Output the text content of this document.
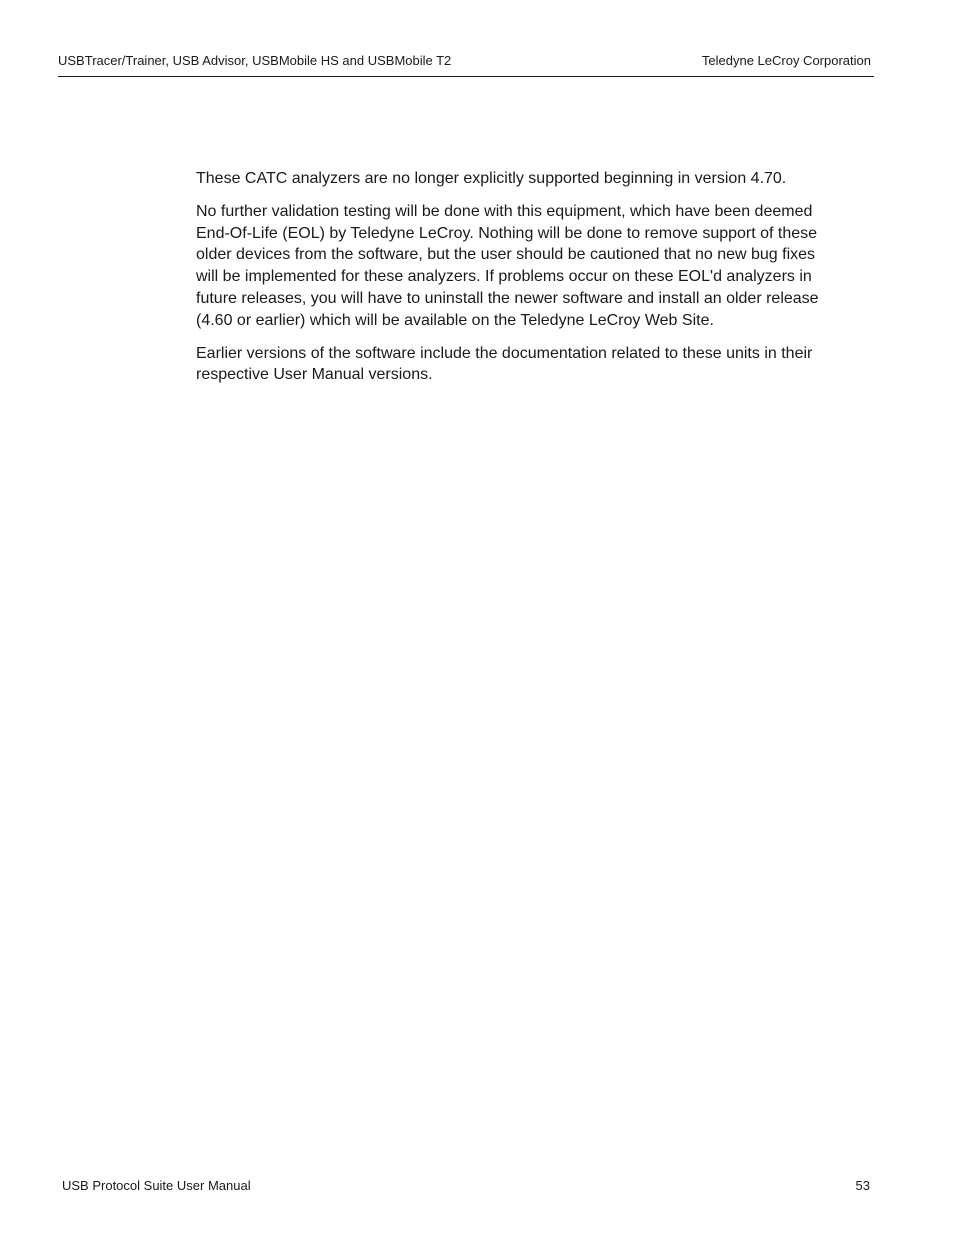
USBTracer/Trainer, USB Advisor, USBMobile HS and USBMobile T2	Teledyne LeCroy Corporation

These CATC analyzers are no longer explicitly supported beginning in version 4.70.

No further validation testing will be done with this equipment, which have been deemed
End-Of-Life (EOL) by Teledyne LeCroy. Nothing will be done to remove support of these
older devices from the software, but the user should be cautioned that no new bug fixes
will be implemented for these analyzers. If problems occur on these EOL'd analyzers in
future releases, you will have to uninstall the newer software and install an older release
(4.60 or earlier) which will be available on the Teledyne LeCroy Web Site.

Earlier versions of the software include the documentation related to these units in their
respective User Manual versions.

USB Protocol Suite User Manual	53
